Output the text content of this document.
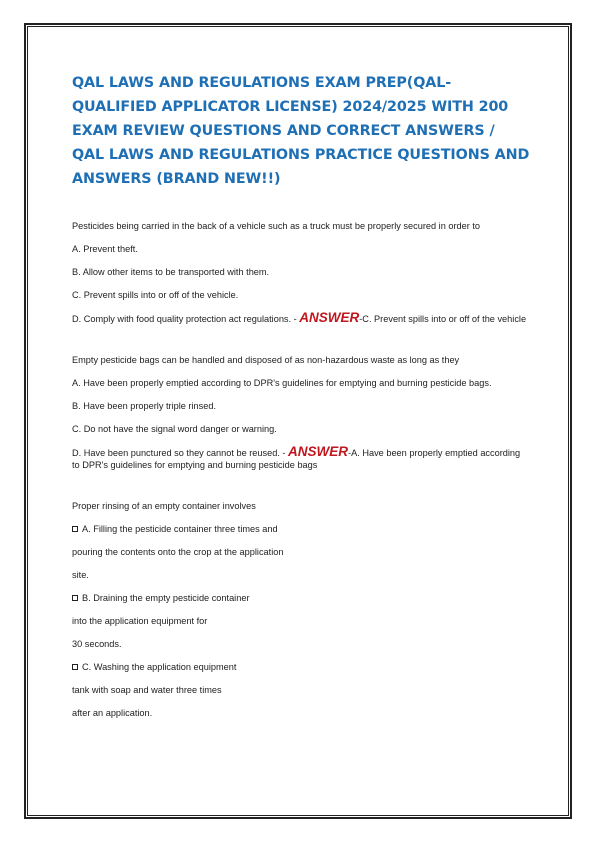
QAL LAWS AND REGULATIONS EXAM PREP(QAL- QUALIFIED APPLICATOR LICENSE) 2024/2025 WITH 200 EXAM REVIEW QUESTIONS AND CORRECT ANSWERS / QAL LAWS AND REGULATIONS PRACTICE QUESTIONS AND ANSWERS (BRAND NEW!!)

Pesticides being carried in the back of a vehicle such as a truck must be properly secured in order to

A. Prevent theft.

B. Allow other items to be transported with them.

C. Prevent spills into or off of the vehicle.

D. Comply with food quality protection act regulations. - ANSWER-C. Prevent spills into or off of the vehicle

Empty pesticide bags can be handled and disposed of as non-hazardous waste as long as they

A. Have been properly emptied according to DPR's guidelines for emptying and burning pesticide bags.

B. Have been properly triple rinsed.

C. Do not have the signal word danger or warning.

D. Have been punctured so they cannot be reused. - ANSWER-A. Have been properly emptied according to DPR's guidelines for emptying and burning pesticide bags

Proper rinsing of an empty container involves

A. Filling the pesticide container three times and

pouring the contents onto the crop at the application

site.

B. Draining the empty pesticide container

into the application equipment for

30 seconds.

C. Washing the application equipment

tank with soap and water three times

after an application.
